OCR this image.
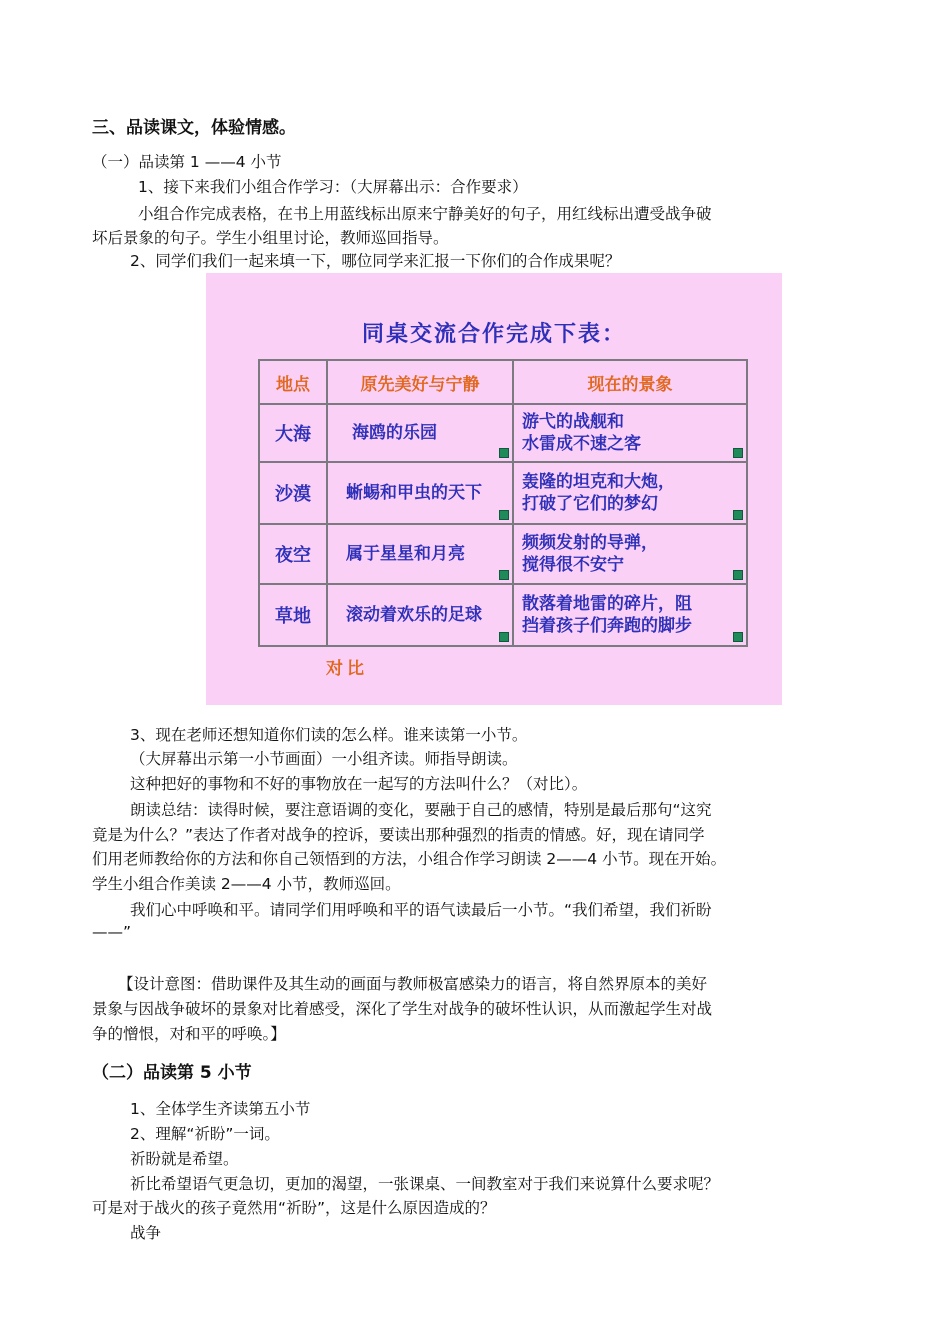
三、品读课文，体验情感。
（一）品读第 1 ——4 小节
1、接下来我们小组合作学习：（大屏幕出示：合作要求）
小组合作完成表格，在书上用蓝线标出原来宁静美好的句子，用红线标出遭受战争破
坏后景象的句子。学生小组里讨论，教师巡回指导。
2、同学们我们一起来填一下，哪位同学来汇报一下你们的合作成果呢？
同桌交流合作完成下表：
地点	原先美好与宁静	现在的景象
大海	海鸥的乐园	游弋的战舰和
水雷成不速之客

沙漠	蜥蜴和甲虫的天下	轰隆的坦克和大炮，
打破了它们的梦幻

夜空	属于星星和月亮	频频发射的导弹，
搅得很不安宁

草地	滚动着欢乐的足球	散落着地雷的碎片，阻
挡着孩子们奔跑的脚步
对比
3、现在老师还想知道你们读的怎么样。谁来读第一小节。
（大屏幕出示第一小节画面）一小组齐读。师指导朗读。
这种把好的事物和不好的事物放在一起写的方法叫什么？（对比）。
朗读总结：读得时候，要注意语调的变化，要融于自己的感情，特别是最后那句“这究
竟是为什么？”表达了作者对战争的控诉，要读出那种强烈的指责的情感。好，现在请同学
们用老师教给你的方法和你自己领悟到的方法，小组合作学习朗读 2——4 小节。现在开始。
学生小组合作美读 2——4 小节，教师巡回。
我们心中呼唤和平。请同学们用呼唤和平的语气读最后一小节。“我们希望，我们祈盼
——”
【设计意图：借助课件及其生动的画面与教师极富感染力的语言，将自然界原本的美好
景象与因战争破坏的景象对比着感受，深化了学生对战争的破坏性认识，从而激起学生对战
争的憎恨，对和平的呼唤。】
（二）品读第 5 小节
1、全体学生齐读第五小节
2、理解“祈盼”一词。
祈盼就是希望。
祈比希望语气更急切，更加的渴望，一张课桌、一间教室对于我们来说算什么要求呢？
可是对于战火的孩子竟然用“祈盼”，这是什么原因造成的？
战争
